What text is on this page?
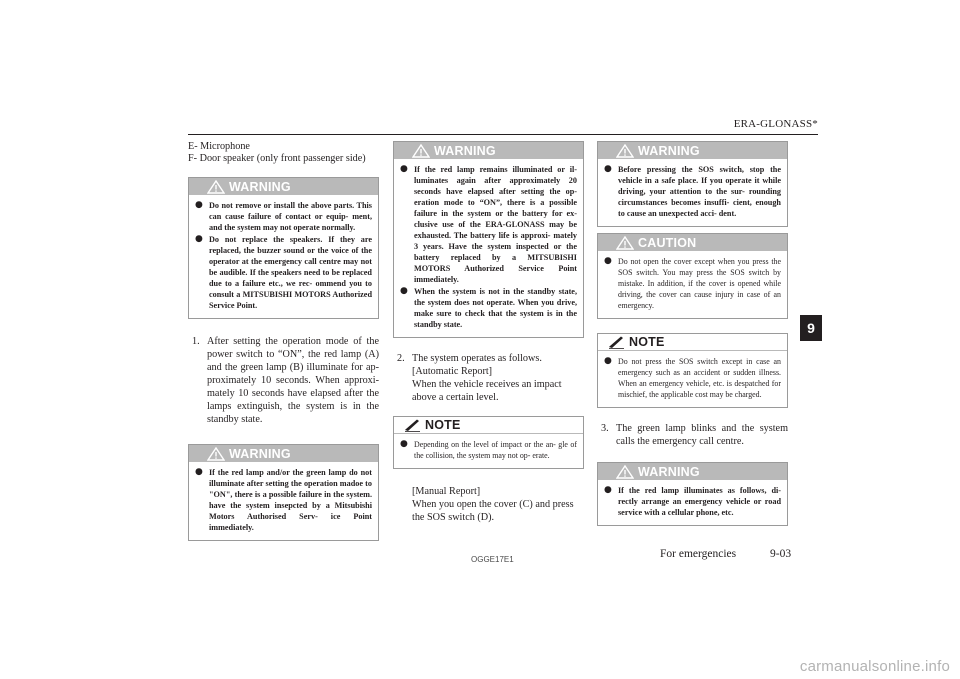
ERA-GLONASS*
E- Microphone
F- Door speaker (only front passenger side)
WARNING
● Do not remove or install the above parts. This can cause failure of contact or equip- ment, and the system may not operate normally.
● Do not replace the speakers. If they are replaced, the buzzer sound or the voice of the operator at the emergency call centre may not be audible. If the speakers need to be replaced due to a failure etc., we rec- ommend you to consult a MITSUBISHI MOTORS Authorized Service Point.
1. After setting the operation mode of the power switch to “ON”, the red lamp (A) and the green lamp (B) illuminate for ap- proximately 10 seconds. When approxi- mately 10 seconds have elapsed after the lamps extinguish, the system is in the standby state.
WARNING
● If the red lamp and/or the green lamp do not illuminate after setting the operation madoe to "ON", there is a possible failure in the system. have the system insepcted by a Mitsubishi Motors Authorised Serv- ice Point immediately.
WARNING
● If the red lamp remains illuminated or il- luminates again after approximately 20 seconds have elapsed after setting the op- eration mode to “ON”, there is a possible failure in the system or the battery for ex- clusive use of the ERA-GLONASS may be exhausted. The battery life is approxi- mately 3 years. Have the system inspected or the battery replaced by a MITSUBISHI MOTORS Authorized Service Point immediately.
● When the system is not in the standby state, the system does not operate. When you drive, make sure to check that the system is in the standby state.
2. The system operates as follows.
[Automatic Report]
When the vehicle receives an impact above a certain level.
NOTE
● Depending on the level of impact or the an- gle of the collision, the system may not op- erate.
[Manual Report]
When you open the cover (C) and press the SOS switch (D).
WARNING
● Before pressing the SOS switch, stop the vehicle in a safe place. If you operate it while driving, your attention to the sur- rounding circumstances becomes insuffi- cient, enough to cause an unexpected acci- dent.
CAUTION
● Do not open the cover except when you press the SOS switch. You may press the SOS switch by mistake. In addition, if the cover is opened while driving, the cover can cause injury in case of an emergency.
NOTE
● Do not press the SOS switch except in case an emergency such as an accident or sudden illness. When an emergency vehicle, etc. is despatched for mischief, the applicable cost may be charged.
3. The green lamp blinks and the system calls the emergency call centre.
WARNING
● If the red lamp illuminates as follows, di- rectly arrange an emergency vehicle or road service with a cellular phone, etc.
9
OGGE17E1	For emergencies	9-03
carmanualsonline.info
